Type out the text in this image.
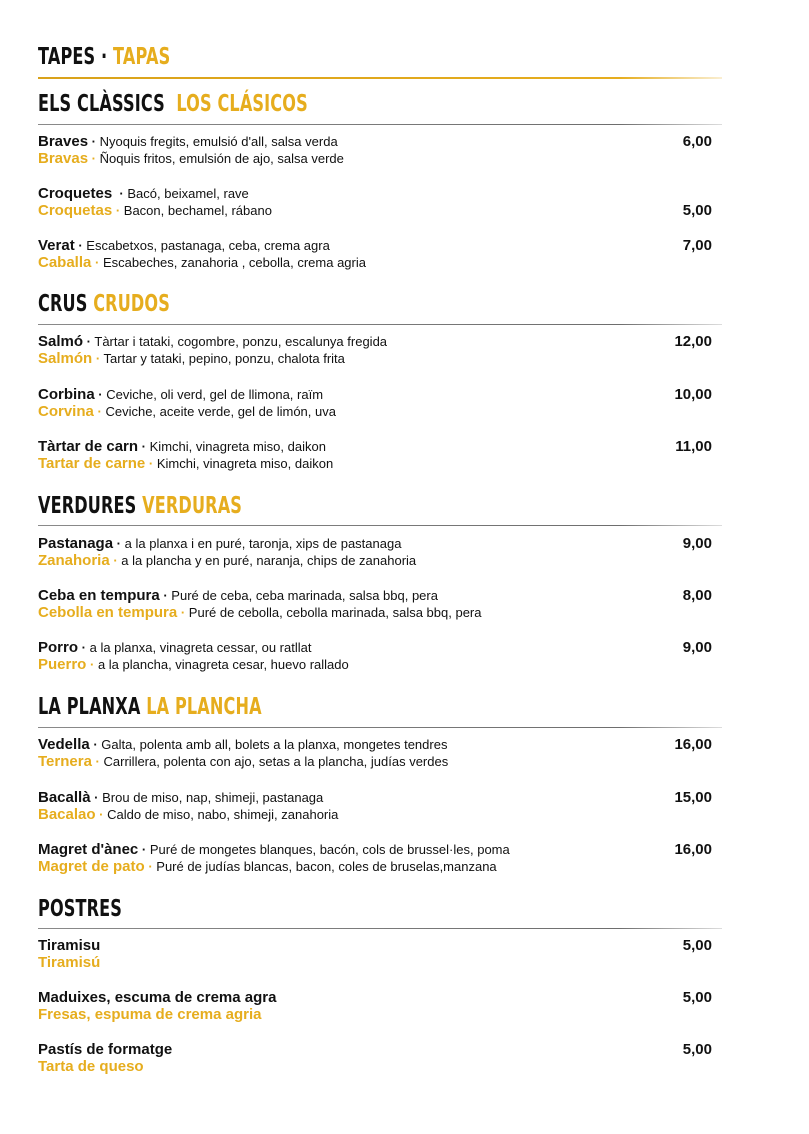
TAPES · TAPAS
ELS CLÀSSICS LOS CLÁSICOS
Braves · Nyoquis fregits, emulsió d'all, salsa verda
Bravas · Ñoquis fritos, emulsión de ajo, salsa verde
6,00
Croquetes · Bacó, beixamel, rave
Croquetas · Bacon, bechamel, rábano	5,00
Verat · Escabetxos, pastanaga, ceba, crema agra
Caballa · Escabeches, zanahoria , cebolla, crema agria
7,00
CRUS CRUDOS
Salmó · Tàrtar i tataki, cogombre, ponzu, escalunya fregida
Salmón · Tartar y tataki, pepino, ponzu, chalota frita
12,00
Corbina · Ceviche, oli verd, gel de llimona, raïm
Corvina · Ceviche, aceite verde, gel de limón, uva
10,00
Tàrtar de carn · Kimchi, vinagreta miso, daikon
Tartar de carne · Kimchi, vinagreta miso, daikon
11,00
VERDURES VERDURAS
Pastanaga · a la planxa i en puré, taronja, xips de pastanaga
Zanahoria · a la plancha y en puré, naranja, chips de zanahoria
9,00
Ceba en tempura · Puré de ceba, ceba marinada, salsa bbq, pera
Cebolla en tempura · Puré de cebolla, cebolla marinada, salsa bbq, pera
8,00
Porro · a la planxa, vinagreta cessar, ou ratllat
Puerro · a la plancha, vinagreta cesar, huevo rallado
9,00
LA PLANXA LA PLANCHA
Vedella · Galta, polenta amb all, bolets a la planxa, mongetes tendres
Ternera · Carrillera, polenta con ajo, setas a la plancha, judías verdes
16,00
Bacallà · Brou de miso, nap, shimeji, pastanaga
Bacalao · Caldo de miso, nabo, shimeji, zanahoria
15,00
Magret d'ànec · Puré de mongetes blanques, bacón, cols de brussel·les, poma
Magret de pato · Puré de judías blancas, bacon, coles de bruselas,manzana
16,00
POSTRES
Tiramisu
Tiramisú
5,00
Maduixes, escuma de crema agra
Fresas, espuma de crema agria
5,00
Pastís de formatge
Tarta de queso
5,00
